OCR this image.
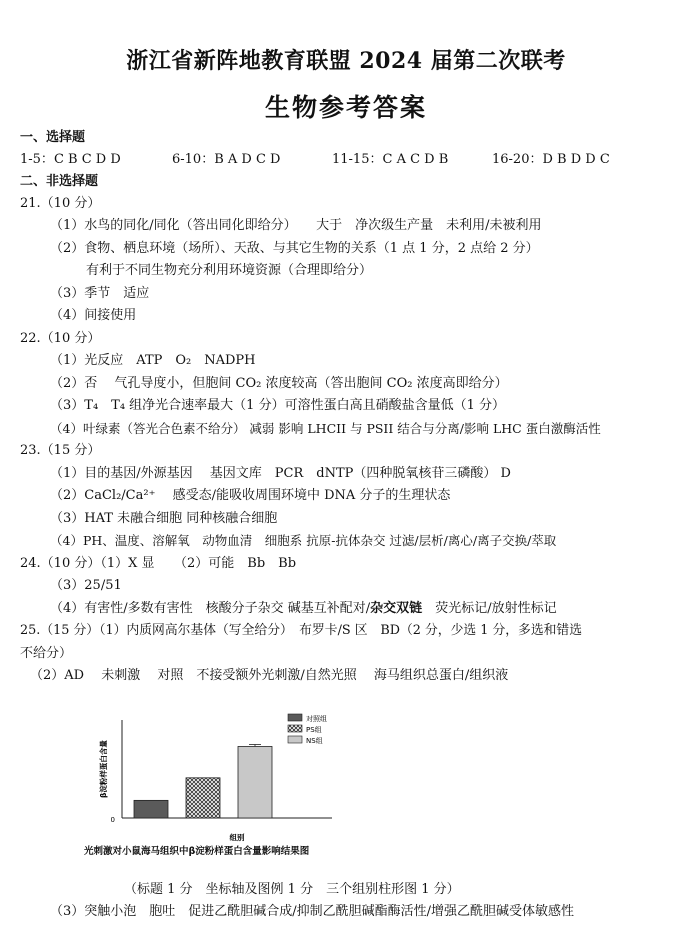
浙江省新阵地教育联盟 2024 届第二次联考
生物参考答案
一、选择题
1-5：C B C D D	6-10：B A D C D	11-15：C A C D B	16-20：D B D D C
二、非选择题
21.（10 分）
（1）水鸟的同化/同化（答出同化即给分）　　大于　净次级生产量　未利用/未被利用
（2）食物、栖息环境（场所）、天敌、与其它生物的关系（1 点 1 分，2 点给 2 分）
有利于不同生物充分利用环境资源（合理即给分）
（3）季节　适应
（4）间接使用
22.（10 分）
（1）光反应　ATP　O₂　NADPH
（2）否　 气孔导度小，但胞间 CO₂ 浓度较高（答出胞间 CO₂ 浓度高即给分）
（3）T₄　T₄ 组净光合速率最大（1 分）可溶性蛋白高且硝酸盐含量低（1 分）
（4）叶绿素（答光合色素不给分） 减弱 影响 LHCII 与 PSII 结合与分离/影响 LHC 蛋白激酶活性
23.（15 分）
（1）目的基因/外源基因　 基因文库　PCR　dNTP（四种脱氧核苷三磷酸） D
（2）CaCl₂/Ca²⁺　 感受态/能吸收周围环境中 DNA 分子的生理状态
（3）HAT 未融合细胞 同种核融合细胞
（4）PH、温度、溶解氧　动物血清　细胞系 抗原-抗体杂交 过滤/层析/离心/离子交换/萃取
24.（10 分）（1）X 显　　（2）可能　Bb　Bb
（3）25/51
（4）有害性/多数有害性　核酸分子杂交 碱基互补配对/杂交双链　荧光标记/放射性标记
25.（15 分）（1）内质网高尔基体（写全给分）　布罗卡/S 区　BD（2 分，少选 1 分，多选和错选
不给分）
（2）AD　 未刺激　 对照　不接受额外光刺激/自然光照　 海马组织总蛋白/组织液
0
β淀粉样蛋白含量
组别
对照组
PS组
NS组
光刺激对小鼠海马组织中β淀粉样蛋白含量影响结果图
（标题 1 分　坐标轴及图例 1 分　三个组别柱形图 1 分）
（3）突触小泡　胞吐　促进乙酰胆碱合成/抑制乙酰胆碱酯酶活性/增强乙酰胆碱受体敏感性
